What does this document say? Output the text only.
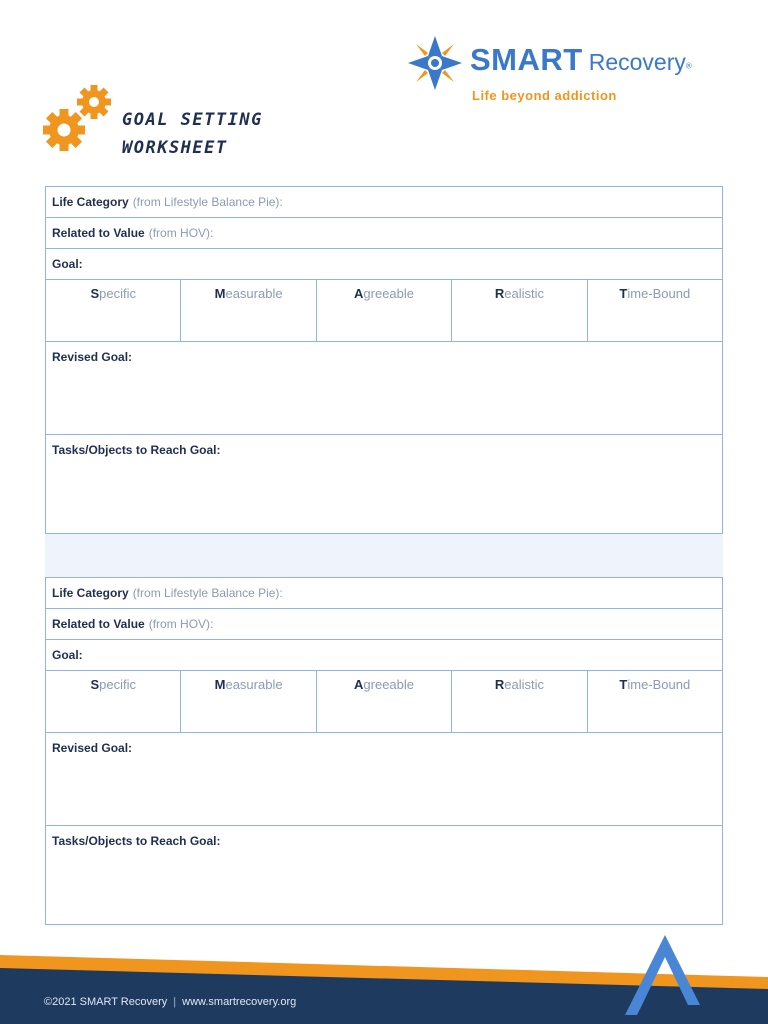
GOAL SETTING
WORKSHEET
SMART Recovery®
Life beyond addiction
Life Category (from Lifestyle Balance Pie):
Related to Value (from HOV):
Goal:
Specific	Measurable	Agreeable	Realistic	Time-Bound
Revised Goal:
Tasks/Objects to Reach Goal:
Life Category (from Lifestyle Balance Pie):
Related to Value (from HOV):
Goal:
Specific	Measurable	Agreeable	Realistic	Time-Bound
Revised Goal:
Tasks/Objects to Reach Goal:
©2021 SMART Recovery | www.smartrecovery.org
